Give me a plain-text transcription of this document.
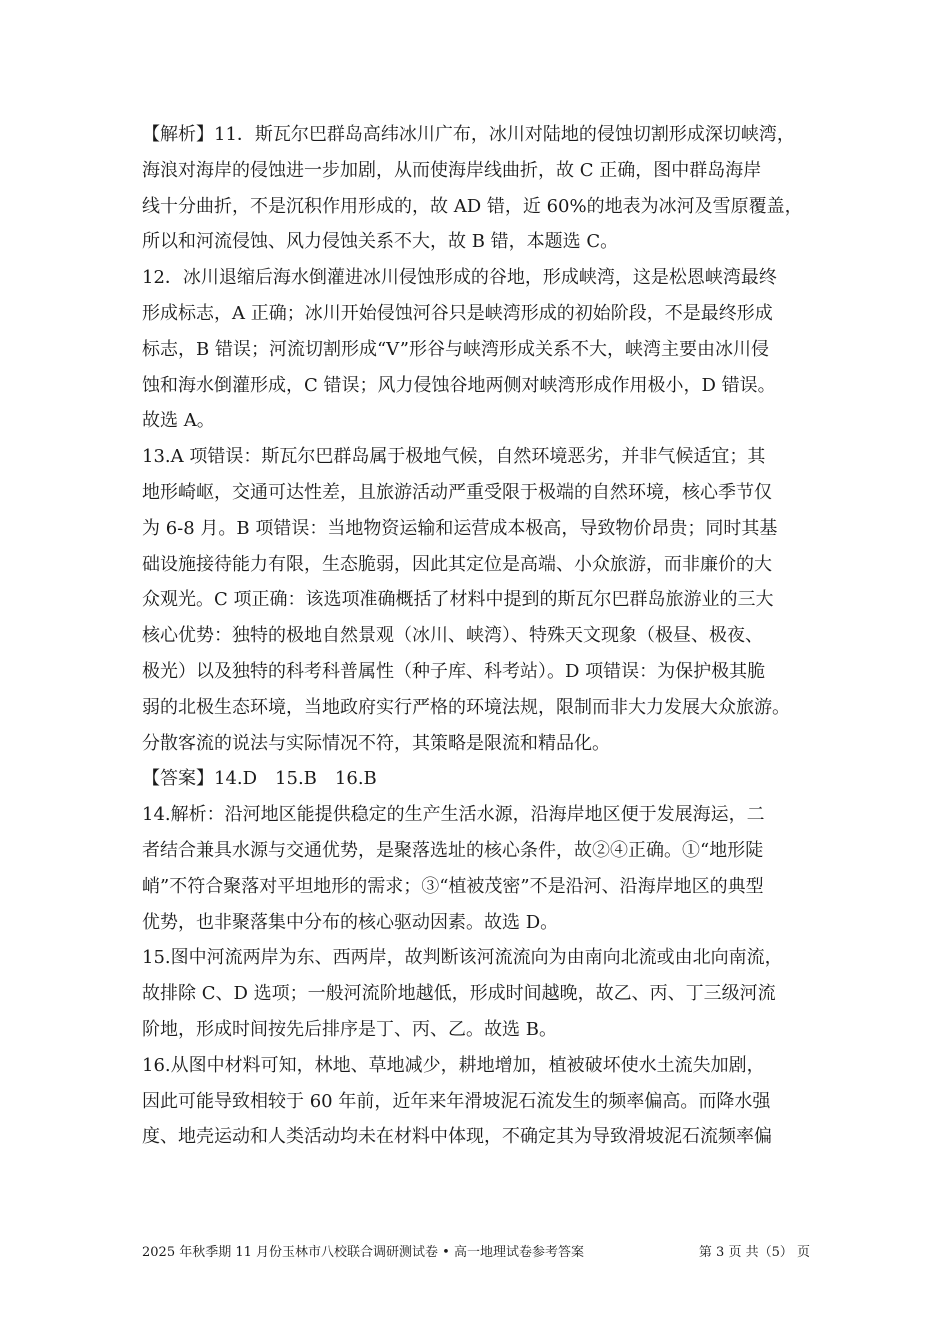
【解析】11．斯瓦尔巴群岛高纬冰川广布，冰川对陆地的侵蚀切割形成深切峡湾，
海浪对海岸的侵蚀进一步加剧，从而使海岸线曲折，故 C 正确，图中群岛海岸
线十分曲折，不是沉积作用形成的，故 AD 错，近 60%的地表为冰河及雪原覆盖，
所以和河流侵蚀、风力侵蚀关系不大，故 B 错，本题选 C。
12．冰川退缩后海水倒灌进冰川侵蚀形成的谷地，形成峡湾，这是松恩峡湾最终
形成标志，A 正确；冰川开始侵蚀河谷只是峡湾形成的初始阶段，不是最终形成
标志，B 错误；河流切割形成“V”形谷与峡湾形成关系不大，峡湾主要由冰川侵
蚀和海水倒灌形成，C 错误；风力侵蚀谷地两侧对峡湾形成作用极小，D 错误。
故选 A。
13.A 项错误：斯瓦尔巴群岛属于极地气候，自然环境恶劣，并非气候适宜；其
地形崎岖，交通可达性差，且旅游活动严重受限于极端的自然环境，核心季节仅
为 6-8 月。B 项错误：当地物资运输和运营成本极高，导致物价昂贵；同时其基
础设施接待能力有限，生态脆弱，因此其定位是高端、小众旅游，而非廉价的大
众观光。C 项正确：该选项准确概括了材料中提到的斯瓦尔巴群岛旅游业的三大
核心优势：独特的极地自然景观（冰川、峡湾）、特殊天文现象（极昼、极夜、
极光）以及独特的科考科普属性（种子库、科考站）。D 项错误：为保护极其脆
弱的北极生态环境，当地政府实行严格的环境法规，限制而非大力发展大众旅游。
分散客流的说法与实际情况不符，其策略是限流和精品化。
【答案】14.D　15.B　16.B
14.解析：沿河地区能提供稳定的生产生活水源，沿海岸地区便于发展海运，二
者结合兼具水源与交通优势，是聚落选址的核心条件，故②④正确。①“地形陡
峭”不符合聚落对平坦地形的需求；③“植被茂密”不是沿河、沿海岸地区的典型
优势，也非聚落集中分布的核心驱动因素。故选 D。
15.图中河流两岸为东、西两岸，故判断该河流流向为由南向北流或由北向南流，
故排除 C、D 选项；一般河流阶地越低，形成时间越晚，故乙、丙、丁三级河流
阶地，形成时间按先后排序是丁、丙、乙。故选 B。
16.从图中材料可知，林地、草地减少，耕地增加，植被破坏使水土流失加剧，
因此可能导致相较于 60 年前，近年来年滑坡泥石流发生的频率偏高。而降水强
度、地壳运动和人类活动均未在材料中体现，不确定其为导致滑坡泥石流频率偏
2025 年秋季期 11 月份玉林市八校联合调研测试卷 • 高一地理试卷参考答案	第 3 页 共（5） 页
